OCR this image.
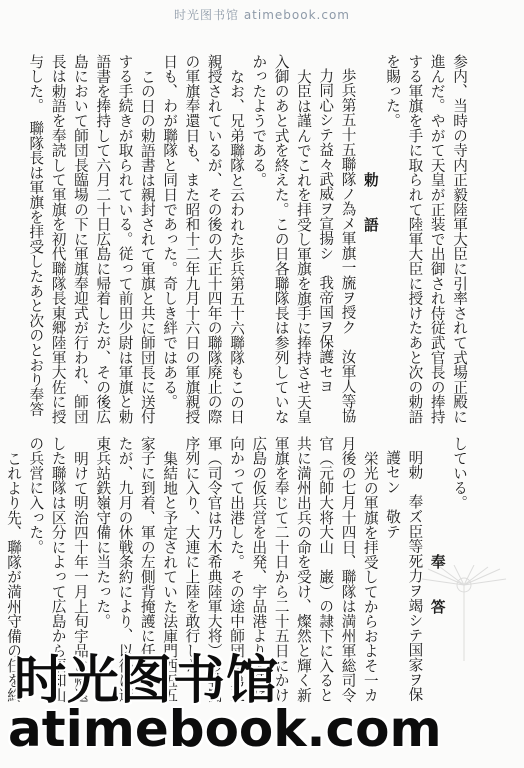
时光图书馆 atimebook.com

参内、当時の寺内正毅陸軍大臣に引率されて式場正殿に進んだ。やがて天皇が正装で出御され侍従武官長の捧持する軍旗を手に取られて陸軍大臣に授けたあと次の勅語を賜った。

勅　語

歩兵第五十五聯隊ノ為メ軍旗一旒ヲ授ク　汝軍人等協力同心シテ益々武威ヲ宣揚シ　我帝国ヲ保護セヨ

大臣は謹んでこれを拝受し軍旗を旗手に捧持させ天皇入御のあと式を終えた。この日各聯隊長は参列していなかったようである。

なお、兄弟聯隊と云われた歩兵第五十六聯隊もこの日親授されているが、その後の大正十四年の聯隊廃止の際の軍旗奉還日も、また昭和十二年九月十六日の軍旗親授日も、わが聯隊と同日であった。奇しき絆ではある。

この日の勅語書は親封されて軍旗と共に師団長に送付する手続きが取られている。従って前田少尉は軍旗と勅語書を捧持して六月二十日広島に帰着したが、その後広島において師団長臨場の下に軍旗奉迎式が行われ、師団長は勅語を奉読して軍旗を初代聯隊長東郷陸軍大佐に授与した。　聯隊長は軍旗を拝受したあと次のとおり奉答

している。

奉　答

明勅　奉ズ臣等死力ヲ竭シテ国家ヲ保護セン　敬テ

栄光の軍旗を拝受してからおよそ一カ月後の七月十四日、聯隊は満州軍総司令官（元帥大将大山　巌）の隷下に入ると共に満州出兵の命を受け、燦然と輝く新軍旗を奉じて二十日から二十五日にかけ広島の仮兵営を出発、宇品港より大連に向かって出港した。その途中師団は第三軍（司令官は乃木希典陸軍大将）の戦闘序列に入り、大連に上陸を敢行した。

集結地と予定されていた法庫門西五五家子に到着、軍の左側背掩護に任じていたが、九月の休戦条約により、以後は遼東兵站鉄嶺守備に当たった。

明けて明治四十年一月上旬宇品に帰還した聯隊は区分によって広島から福知山の兵営に入った。

これより先、聯隊が満州守備の任を終

时光图书馆
atimebook.com
